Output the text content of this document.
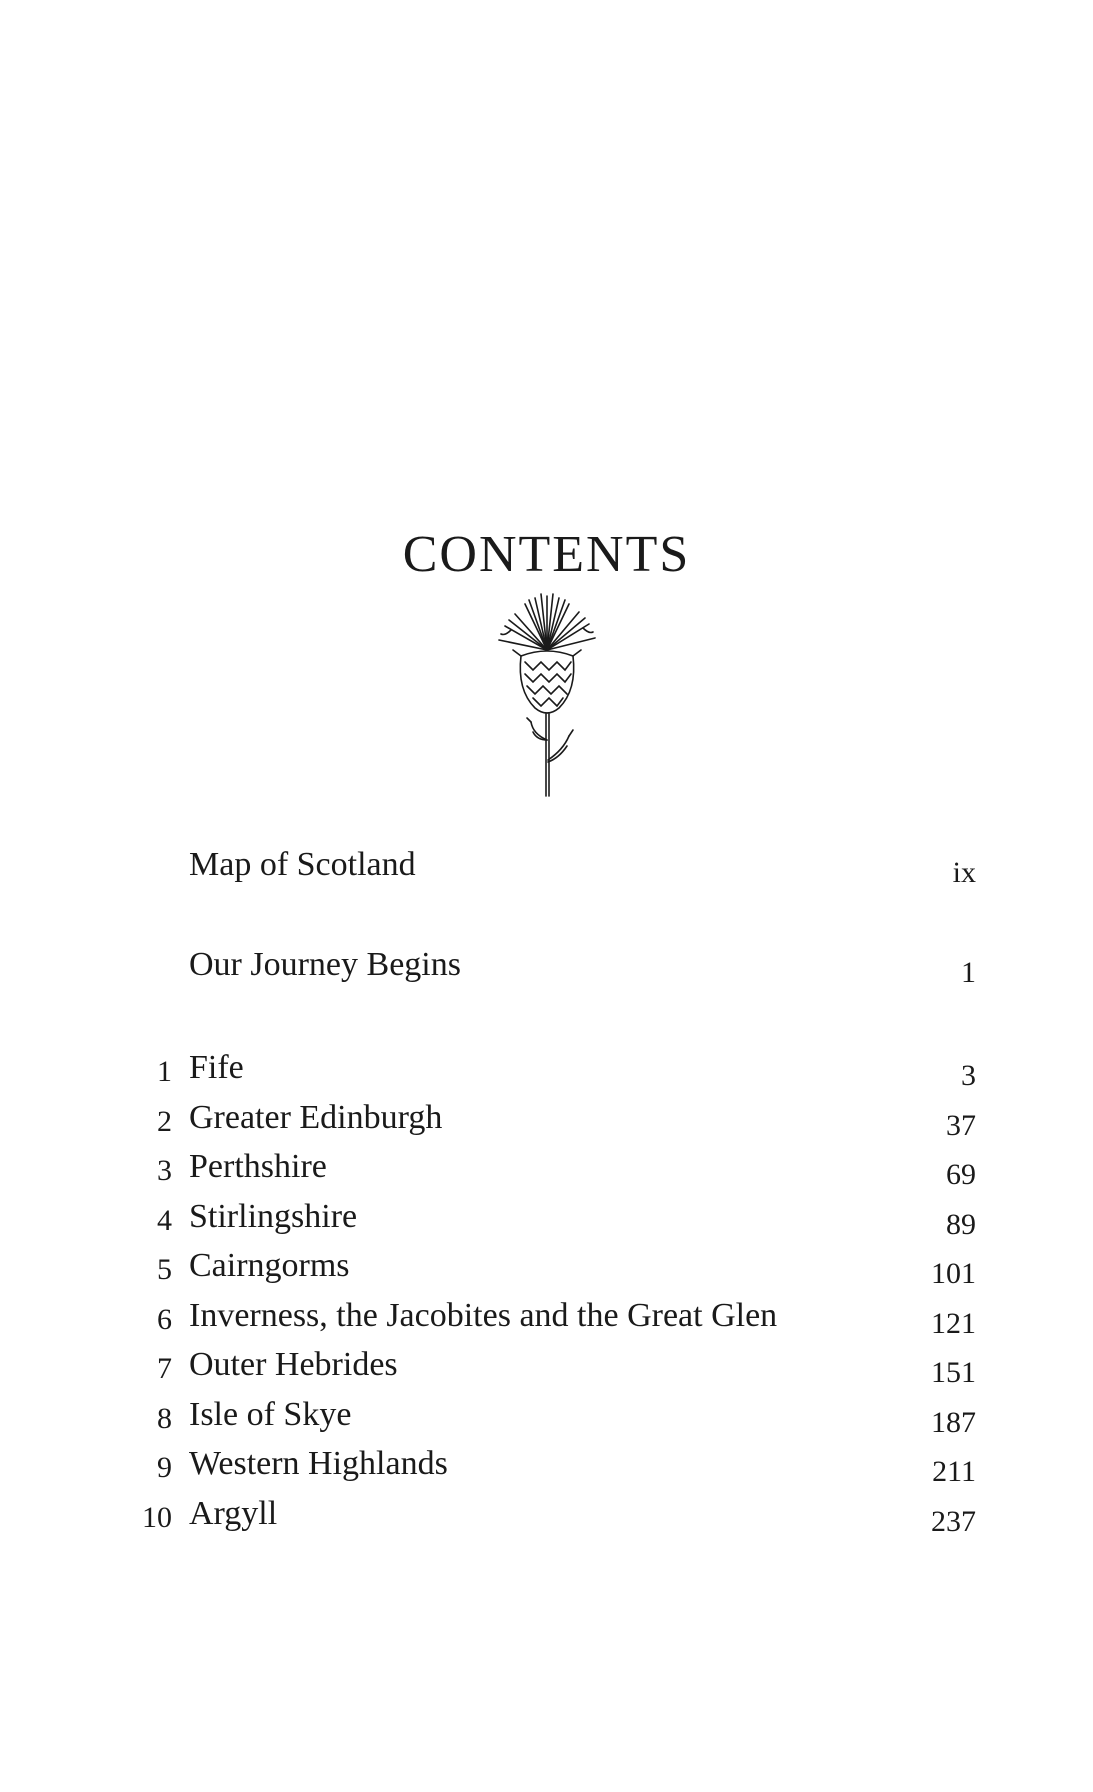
CONTENTS
Map of Scotland	ix
Our Journey Begins	1
1 Fife	3
2 Greater Edinburgh	37
3 Perthshire	69
4 Stirlingshire	89
5 Cairngorms	101
6 Inverness, the Jacobites and the Great Glen	121
7 Outer Hebrides	151
8 Isle of Skye	187
9 Western Highlands	211
10 Argyll	237
